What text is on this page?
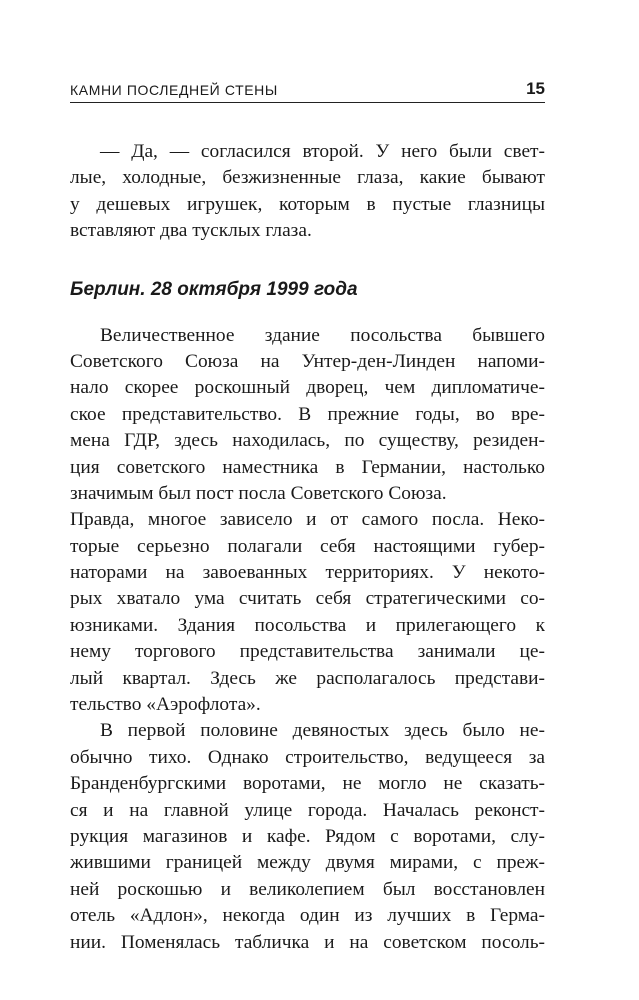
КАМНИ ПОСЛЕДНЕЙ СТЕНЫ	15
— Да, — согласился второй. У него были свет-
лые, холодные, безжизненные глаза, какие бывают
у дешевых игрушек, которым в пустые глазницы
вставляют два тусклых глаза.
Берлин. 28 октября 1999 года
Величественное здание посольства бывшего
Советского Союза на Унтер-ден-Линден напоми-
нало скорее роскошный дворец, чем дипломатиче-
ское представительство. В прежние годы, во вре-
мена ГДР, здесь находилась, по существу, резиден-
ция советского наместника в Германии, настолько
значимым был пост посла Советского Союза.
Правда, многое зависело и от самого посла. Неко-
торые серьезно полагали себя настоящими губер-
наторами на завоеванных территориях. У некото-
рых хватало ума считать себя стратегическими со-
юзниками. Здания посольства и прилегающего к
нему торгового представительства занимали це-
лый квартал. Здесь же располагалось представи-
тельство «Аэрофлота».
В первой половине девяностых здесь было не-
обычно тихо. Однако строительство, ведущееся за
Бранденбургскими воротами, не могло не сказать-
ся и на главной улице города. Началась реконст-
рукция магазинов и кафе. Рядом с воротами, слу-
жившими границей между двумя мирами, с преж-
ней роскошью и великолепием был восстановлен
отель «Адлон», некогда один из лучших в Герма-
нии. Поменялась табличка и на советском посоль-
